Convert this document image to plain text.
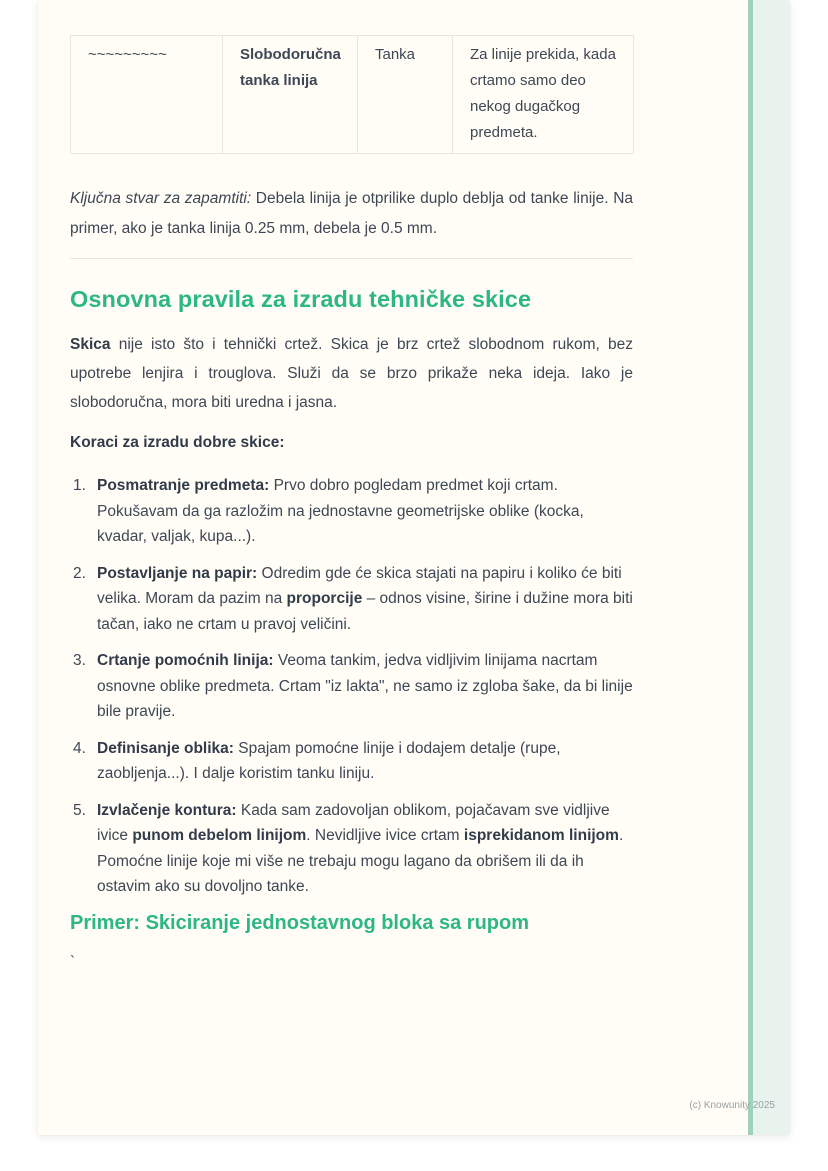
~~~~~~~~~	Slobodoručna tanka linija	Tanka	Za linije prekida, kada crtamo samo deo nekog dugačkog predmeta.

Ključna stvar za zapamtiti: Debela linija je otprilike duplo deblja od tanke linije. Na primer, ako je tanka linija 0.25 mm, debela je 0.5 mm.

Osnovna pravila za izradu tehničke skice

Skica nije isto što i tehnički crtež. Skica je brz crtež slobodnom rukom, bez upotrebe lenjira i trouglova. Služi da se brzo prikaže neka ideja. Iako je slobodoručna, mora biti uredna i jasna.

Koraci za izradu dobre skice:

1. Posmatranje predmeta: Prvo dobro pogledam predmet koji crtam. Pokušavam da ga razložim na jednostavne geometrijske oblike (kocka, kvadar, valjak, kupa...).
2. Postavljanje na papir: Odredim gde će skica stajati na papiru i koliko će biti velika. Moram da pazim na proporcije – odnos visine, širine i dužine mora biti tačan, iako ne crtam u pravoj veličini.
3. Crtanje pomoćnih linija: Veoma tankim, jedva vidljivim linijama nacrtam osnovne oblike predmeta. Crtam "iz lakta", ne samo iz zgloba šake, da bi linije bile pravije.
4. Definisanje oblika: Spajam pomoćne linije i dodajem detalje (rupe, zaobljenja...). I dalje koristim tanku liniju.
5. Izvlačenje kontura: Kada sam zadovoljan oblikom, pojačavam sve vidljive ivice punom debelom linijom. Nevidljive ivice crtam isprekidanom linijom. Pomoćne linije koje mi više ne trebaju mogu lagano da obrišem ili da ih ostavim ako su dovoljno tanke.
Primer: Skiciranje jednostavnog bloka sa rupom

`

(c) Knowunity 2025
